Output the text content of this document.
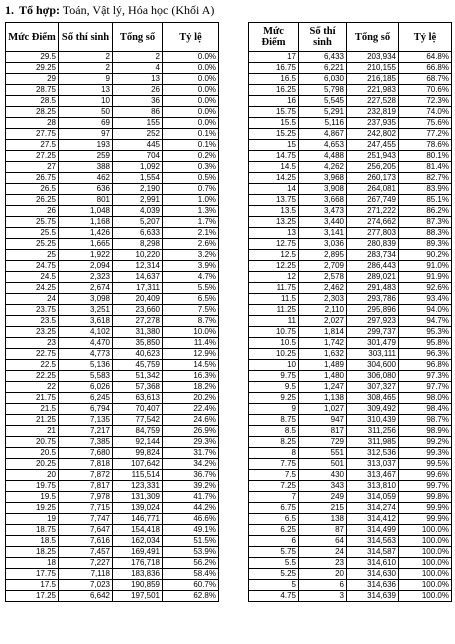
1. Tổ hợp: Toán, Vật lý, Hóa học (Khối A)
Mức Điểm	Số thí sinh	Tổng số	Tỷ lệ
29.5	2	2	0.0%
29.25	2	4	0.0%
29	9	13	0.0%
28.75	13	26	0.0%
28.5	10	36	0.0%
28.25	50	86	0.0%
28	69	155	0.0%
27.75	97	252	0.1%
27.5	193	445	0.1%
27.25	259	704	0.2%
27	388	1,092	0.3%
26.75	462	1,554	0.5%
26.5	636	2,190	0.7%
26.25	801	2,991	1.0%
26	1,048	4,039	1.3%
25.75	1,168	5,207	1.7%
25.5	1,426	6,633	2.1%
25.25	1,665	8,298	2.6%
25	1,922	10,220	3.2%
24.75	2,094	12,314	3.9%
24.5	2,323	14,637	4.7%
24.25	2,674	17,311	5.5%
24	3,098	20,409	6.5%
23.75	3,251	23,660	7.5%
23.5	3,618	27,278	8.7%
23.25	4,102	31,380	10.0%
23	4,470	35,850	11.4%
22.75	4,773	40,623	12.9%
22.5	5,136	45,759	14.5%
22.25	5,583	51,342	16.3%
22	6,026	57,368	18.2%
21.75	6,245	63,613	20.2%
21.5	6,794	70,407	22.4%
21.25	7,135	77,542	24.6%
21	7,217	84,759	26.9%
20.75	7,385	92,144	29.3%
20.5	7,680	99,824	31.7%
20.25	7,818	107,642	34.2%
20	7,872	115,514	36.7%
19.75	7,817	123,331	39.2%
19.5	7,978	131,309	41.7%
19.25	7,715	139,024	44.2%
19	7,747	146,771	46.6%
18.75	7,647	154,418	49.1%
18.5	7,616	162,034	51.5%
18.25	7,457	169,491	53.9%
18	7,227	176,718	56.2%
17.75	7,118	183,836	58.4%
17.5	7,023	190,859	60.7%
17.25	6,642	197,501	62.8%
Mức Điểm	Số thí sinh	Tổng số	Tỷ lệ
17	6,433	203,934	64.8%
16.75	6,221	210,155	66.8%
16.5	6,030	216,185	68.7%
16.25	5,798	221,983	70.6%
16	5,545	227,528	72.3%
15.75	5,291	232,819	74.0%
15.5	5,116	237,935	75.6%
15.25	4,867	242,802	77.2%
15	4,653	247,455	78.6%
14.75	4,488	251,943	80.1%
14.5	4,262	256,205	81.4%
14.25	3,968	260,173	82.7%
14	3,908	264,081	83.9%
13.75	3,668	267,749	85.1%
13.5	3,473	271,222	86.2%
13.25	3,440	274,662	87.3%
13	3,141	277,803	88.3%
12.75	3,036	280,839	89.3%
12.5	2,895	283,734	90.2%
12.25	2,709	286,443	91.0%
12	2,578	289,021	91.9%
11.75	2,462	291,483	92.6%
11.5	2,303	293,786	93.4%
11.25	2,110	295,896	94.0%
11	2,027	297,923	94.7%
10.75	1,814	299,737	95.3%
10.5	1,742	301,479	95.8%
10.25	1,632	303,111	96.3%
10	1,489	304,600	96.8%
9.75	1,480	306,080	97.3%
9.5	1,247	307,327	97.7%
9.25	1,138	308,465	98.0%
9	1,027	309,492	98.4%
8.75	947	310,439	98.7%
8.5	817	311,256	98.9%
8.25	729	311,985	99.2%
8	551	312,536	99.3%
7.75	501	313,037	99.5%
7.5	430	313,467	99.6%
7.25	343	313,810	99.7%
7	249	314,059	99.8%
6.75	215	314,274	99.9%
6.5	138	314,412	99.9%
6.25	87	314,499	100.0%
6	64	314,563	100.0%
5.75	24	314,587	100.0%
5.5	23	314,610	100.0%
5.25	20	314,630	100.0%
5	6	314,636	100.0%
4.75	3	314,639	100.0%
